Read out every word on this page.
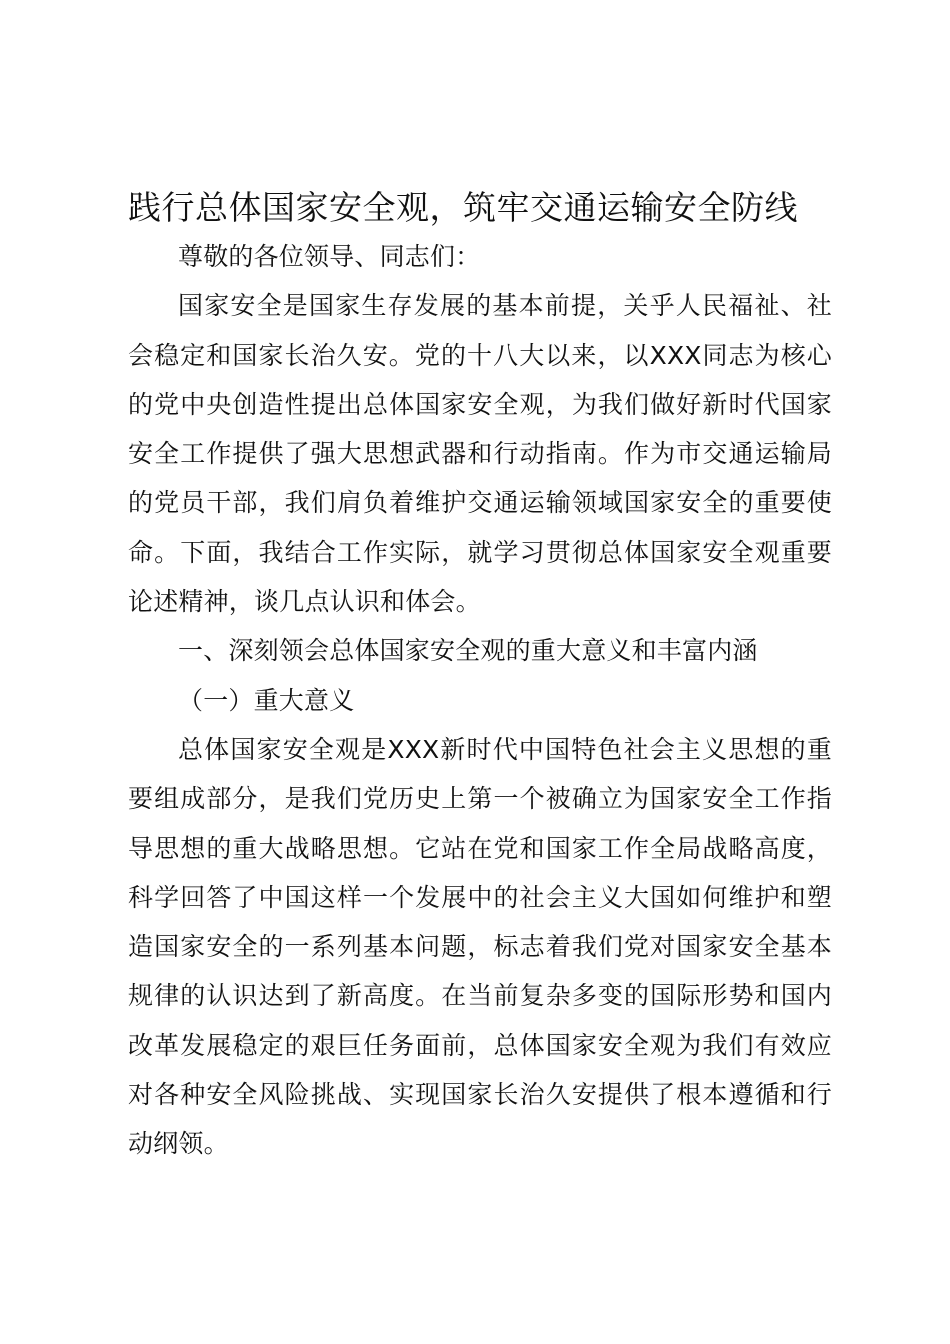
践行总体国家安全观，筑牢交通运输安全防线

尊敬的各位领导、同志们：

国家安全是国家生存发展的基本前提，关乎人民福祉、社会稳定和国家长治久安。党的十八大以来，以XXX同志为核心的党中央创造性提出总体国家安全观，为我们做好新时代国家安全工作提供了强大思想武器和行动指南。作为市交通运输局的党员干部，我们肩负着维护交通运输领域国家安全的重要使命。下面，我结合工作实际，就学习贯彻总体国家安全观重要论述精神，谈几点认识和体会。

一、深刻领会总体国家安全观的重大意义和丰富内涵

（一）重大意义

总体国家安全观是XXX新时代中国特色社会主义思想的重要组成部分，是我们党历史上第一个被确立为国家安全工作指导思想的重大战略思想。它站在党和国家工作全局战略高度，科学回答了中国这样一个发展中的社会主义大国如何维护和塑造国家安全的一系列基本问题，标志着我们党对国家安全基本规律的认识达到了新高度。在当前复杂多变的国际形势和国内改革发展稳定的艰巨任务面前，总体国家安全观为我们有效应对各种安全风险挑战、实现国家长治久安提供了根本遵循和行动纲领。
